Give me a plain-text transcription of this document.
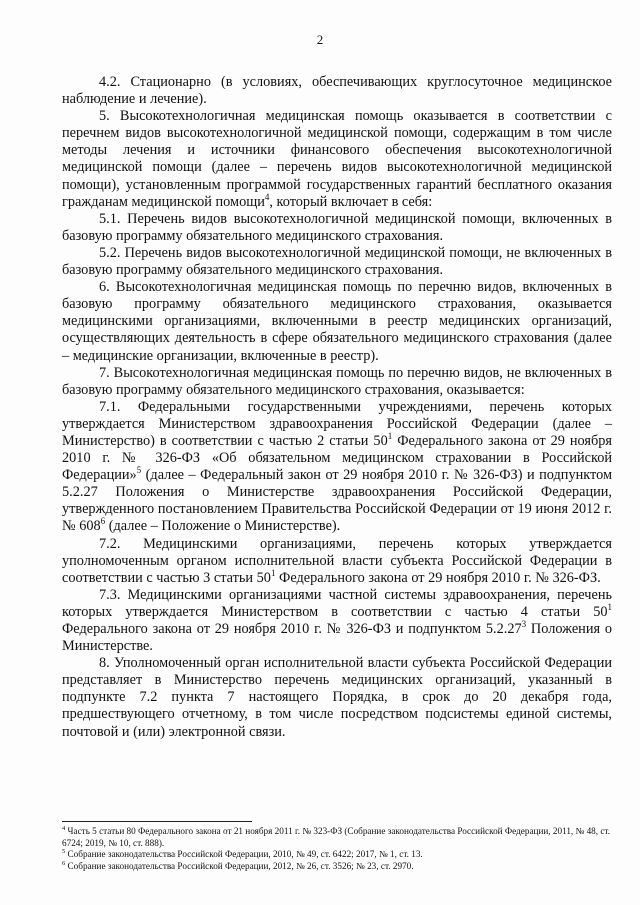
2

4.2. Стационарно (в условиях, обеспечивающих круглосуточное медицинское наблюдение и лечение).

5. Высокотехнологичная медицинская помощь оказывается в соответствии с перечнем видов высокотехнологичной медицинской помощи, содержащим в том числе методы лечения и источники финансового обеспечения высокотехнологичной медицинской помощи (далее – перечень видов высокотехнологичной медицинской помощи), установленным программой государственных гарантий бесплатного оказания гражданам медицинской помощи$^4$, который включает в себя:

5.1. Перечень видов высокотехнологичной медицинской помощи, включенных в базовую программу обязательного медицинского страхования.

5.2. Перечень видов высокотехнологичной медицинской помощи, не включенных в базовую программу обязательного медицинского страхования.

6. Высокотехнологичная медицинская помощь по перечню видов, включенных в базовую программу обязательного медицинского страхования, оказывается медицинскими организациями, включенными в реестр медицинских организаций, осуществляющих деятельность в сфере обязательного медицинского страхования (далее – медицинские организации, включенные в реестр).

7. Высокотехнологичная медицинская помощь по перечню видов, не включенных в базовую программу обязательного медицинского страхования, оказывается:

7.1. Федеральными государственными учреждениями, перечень которых утверждается Министерством здравоохранения Российской Федерации (далее – Министерство) в соответствии с частью 2 статьи $50^1$ Федерального закона от 29 ноября 2010 г. № 326-ФЗ «Об обязательном медицинском страховании в Российской Федерации»$^5$ (далее – Федеральный закон от 29 ноября 2010 г. № 326-ФЗ) и подпунктом 5.2.27 Положения о Министерстве здравоохранения Российской Федерации, утвержденного постановлением Правительства Российской Федерации от 19 июня 2012 г. № $608^6$ (далее – Положение о Министерстве).

7.2. Медицинскими организациями, перечень которых утверждается уполномоченным органом исполнительной власти субъекта Российской Федерации в соответствии с частью 3 статьи $50^1$ Федерального закона от 29 ноября 2010 г. № 326-ФЗ.

7.3. Медицинскими организациями частной системы здравоохранения, перечень которых утверждается Министерством в соответствии с частью 4 статьи $50^1$ Федерального закона от 29 ноября 2010 г. № 326-ФЗ и подпунктом 5.2.27$^3$ Положения о Министерстве.

8. Уполномоченный орган исполнительной власти субъекта Российской Федерации представляет в Министерство перечень медицинских организаций, указанный в подпункте 7.2 пункта 7 настоящего Порядка, в срок до 20 декабря года, предшествующего отчетному, в том числе посредством подсистемы единой системы, почтовой и (или) электронной связи.

$^4$ Часть 5 статьи 80 Федерального закона от 21 ноября 2011 г. № 323-ФЗ (Собрание законодательства Российской Федерации, 2011, № 48, ст. 6724; 2019, № 10, ст. 888).

$^5$ Собрание законодательства Российской Федерации, 2010, № 49, ст. 6422; 2017, № 1, ст. 13.

$^6$ Собрание законодательства Российской Федерации, 2012, № 26, ст. 3526; № 23, ст. 2970.
